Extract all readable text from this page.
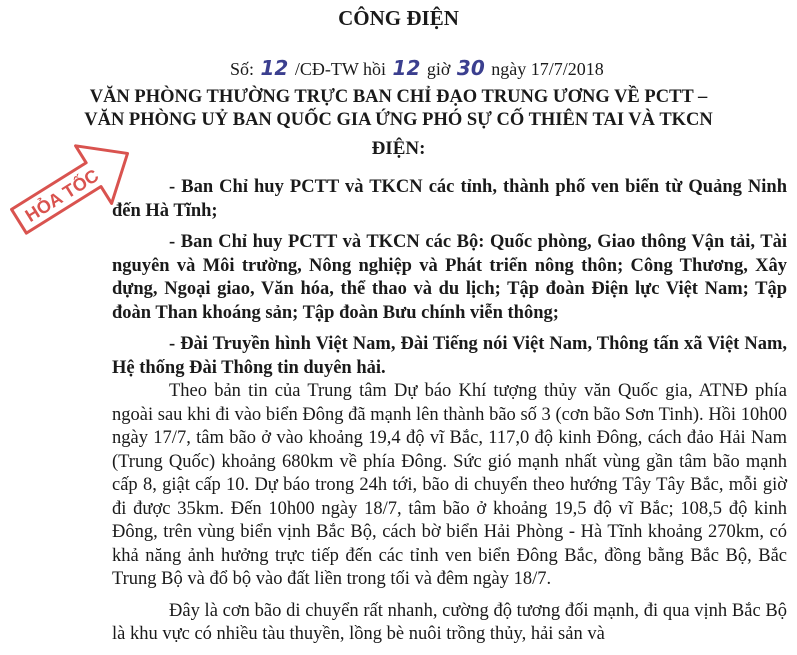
CÔNG ĐIỆN
Số: 12 /CĐ-TW hồi 12 giờ 30 ngày 17/7/2018
VĂN PHÒNG THƯỜNG TRỰC BAN CHỈ ĐẠO TRUNG ƯƠNG VỀ PCTT –
VĂN PHÒNG UỶ BAN QUỐC GIA ỨNG PHÓ SỰ CỐ THIÊN TAI VÀ TKCN
ĐIỆN:
HỎA TỐC	- Ban Chỉ huy PCTT và TKCN các tỉnh, thành phố ven biển từ Quảng Ninh đến Hà Tĩnh;

- Ban Chỉ huy PCTT và TKCN các Bộ: Quốc phòng, Giao thông Vận tải, Tài nguyên và Môi trường, Nông nghiệp và Phát triển nông thôn; Công Thương, Xây dựng, Ngoại giao, Văn hóa, thể thao và du lịch; Tập đoàn Điện lực Việt Nam; Tập đoàn Than khoáng sản; Tập đoàn Bưu chính viễn thông;

- Đài Truyền hình Việt Nam, Đài Tiếng nói Việt Nam, Thông tấn xã Việt Nam, Hệ thống Đài Thông tin duyên hải.

Theo bản tin của Trung tâm Dự báo Khí tượng thủy văn Quốc gia, ATNĐ phía ngoài sau khi đi vào biển Đông đã mạnh lên thành bão số 3 (cơn bão Sơn Tinh). Hồi 10h00 ngày 17/7, tâm bão ở vào khoảng 19,4 độ vĩ Bắc, 117,0 độ kinh Đông, cách đảo Hải Nam (Trung Quốc) khoảng 680km về phía Đông. Sức gió mạnh nhất vùng gần tâm bão mạnh cấp 8, giật cấp 10. Dự báo trong 24h tới, bão di chuyển theo hướng Tây Tây Bắc, mỗi giờ đi được 35km. Đến 10h00 ngày 18/7, tâm bão ở khoảng 19,5 độ vĩ Bắc; 108,5 độ kinh Đông, trên vùng biển vịnh Bắc Bộ, cách bờ biển Hải Phòng - Hà Tĩnh khoảng 270km, có khả năng ảnh hưởng trực tiếp đến các tỉnh ven biển Đông Bắc, đồng bằng Bắc Bộ, Bắc Trung Bộ và đổ bộ vào đất liền trong tối và đêm ngày 18/7.

Đây là cơn bão di chuyển rất nhanh, cường độ tương đối mạnh, đi qua vịnh Bắc Bộ là khu vực có nhiều tàu thuyền, lồng bè nuôi trồng thủy, hải sản và
